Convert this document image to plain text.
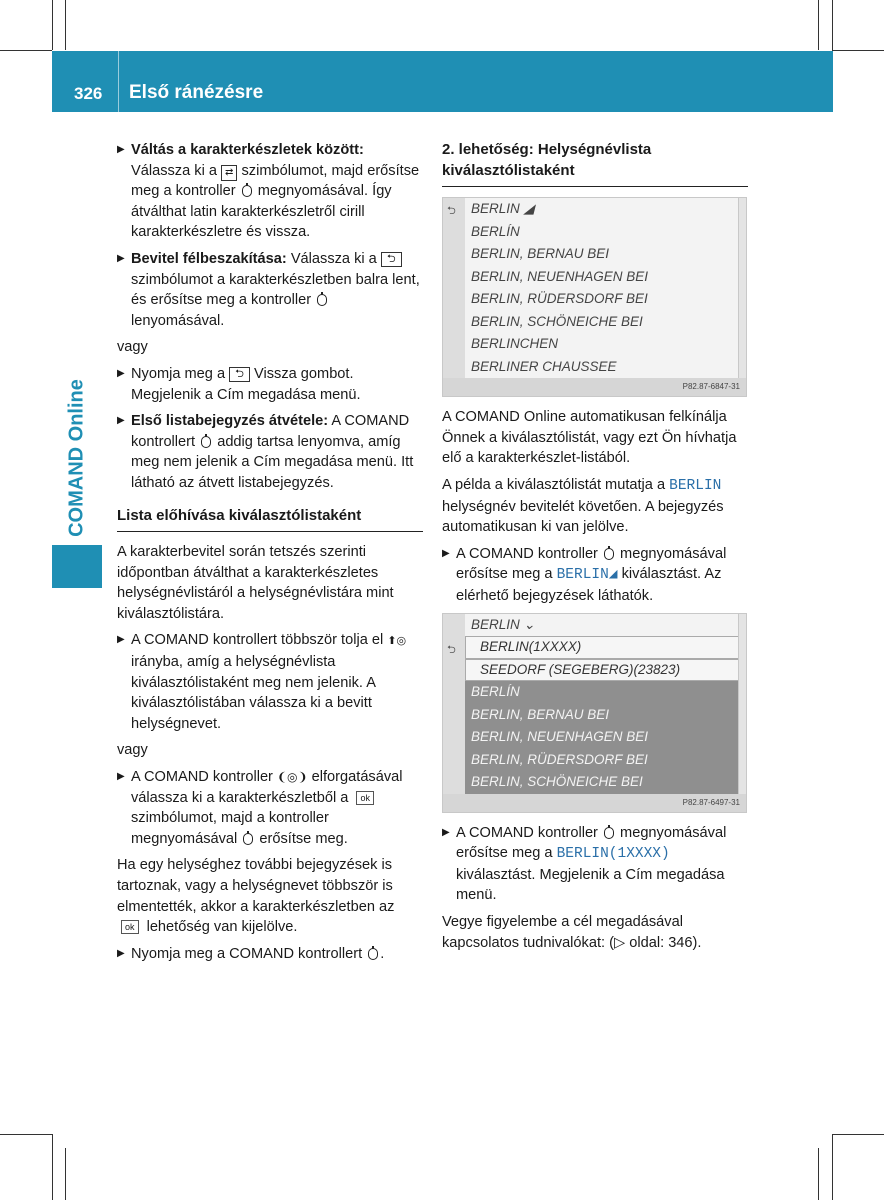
326 Első ránézésre
COMAND Online
▶ Váltás a karakterkészletek között: Válassza ki a ⇄ szimbólumot, majd erősítse meg a kontroller megnyomásával. Így átválthat latin karakterkészletről cirill karakterkészletre és vissza.
▶ Bevitel félbeszakítása: Válassza ki a ⮌ szimbólumot a karakterkészletben balra lent, és erősítse meg a kontroller  lenyomásával.

vagy

▶ Nyomja meg a ⮌ Vissza gombot. Megjelenik a Cím megadása menü.
▶ Első listabejegyzés átvétele: A COMAND kontrollert addig tartsa lenyomva, amíg meg nem jelenik a Cím megadása menü. Itt látható az átvett listabejegyzés.
Lista előhívása kiválasztólistaként

A karakterbevitel során tetszés szerinti időpontban átválthat a karakterkészletes helységnévlistáról a helységnévlistára mint kiválasztólistára.

▶ A COMAND kontrollert többször tolja el ⬆◎ irányba, amíg a helységnévlista kiválasztólistaként meg nem jelenik. A kiválasztólistában válassza ki a bevitt helységnevet.

vagy

▶ A COMAND kontroller ❨◎❩ elforgatásával válassza ki a karakterkészletből a ok szimbólumot, majd a kontroller megnyomásával erősítse meg.

Ha egy helységhez további bejegyzések is tartoznak, vagy a helységnevet többször is elmentették, akkor a karakterkészletben az ok lehetőség van kijelölve.

▶ Nyomja meg a COMAND kontrollert .
2. lehetőség: Helységnévlista kiválasztólistaként
⮌	BERLIN ◢
BERLÍN
BERLIN, BERNAU BEI
BERLIN, NEUENHAGEN BEI
BERLIN, RÜDERSDORF BEI
BERLIN, SCHÖNEICHE BEI
BERLINCHEN
BERLINER CHAUSSEE
P82.87-6847-31

A COMAND Online automatikusan felkínálja Önnek a kiválasztólistát, vagy ezt Ön hívhatja elő a karakterkészlet-listából.

A példa a kiválasztólistát mutatja a BERLIN helységnév bevitelét követően. A bejegyzés automatikusan ki van jelölve.

▶ A COMAND kontroller megnyomásával erősítse meg a BERLIN◢ kiválasztást. Az elérhető bejegyzések láthatók.
⮌
BERLIN ⌄
BERLIN(1XXXX)
SEEDORF (SEGEBERG)(23823)
BERLÍN
BERLIN, BERNAU BEI
BERLIN, NEUENHAGEN BEI
BERLIN, RÜDERSDORF BEI
BERLIN, SCHÖNEICHE BEI
P82.87-6497-31
▶ A COMAND kontroller megnyomásával erősítse meg a BERLIN(1XXXX) kiválasztást. Megjelenik a Cím megadása menü.

Vegye figyelembe a cél megadásával kapcsolatos tudnivalókat: (▷ oldal: 346).
